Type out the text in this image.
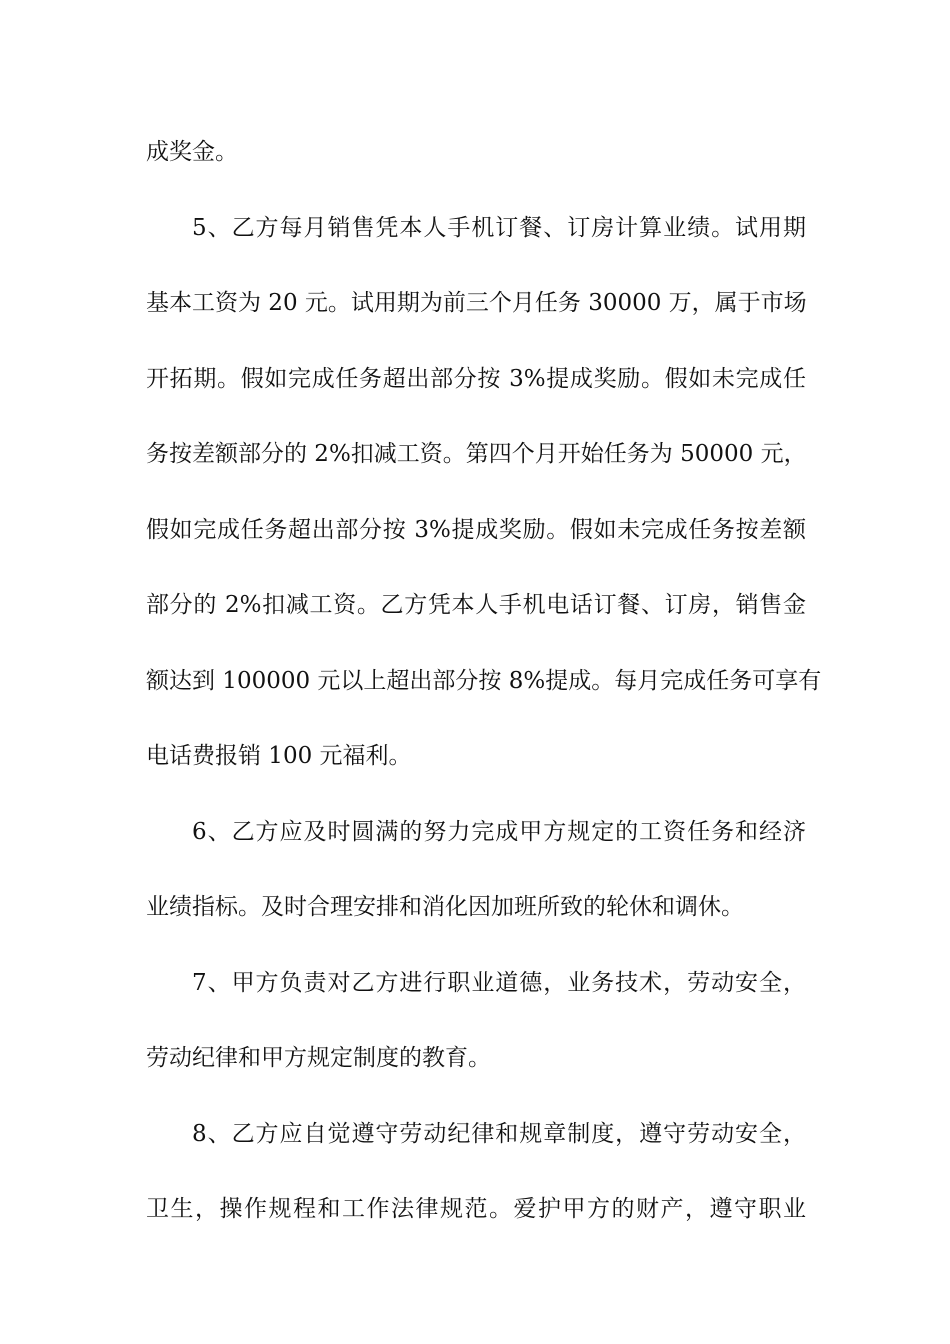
成奖金。
5、乙方每月销售凭本人手机订餐、订房计算业绩。试用期
基本工资为 20 元。试用期为前三个月任务 30000 万，属于市场
开拓期。假如完成任务超出部分按 3%提成奖励。假如未完成任
务按差额部分的 2%扣减工资。第四个月开始任务为 50000 元，
假如完成任务超出部分按 3%提成奖励。假如未完成任务按差额
部分的 2%扣减工资。乙方凭本人手机电话订餐、订房，销售金
额达到 100000 元以上超出部分按 8%提成。每月完成任务可享有
电话费报销 100 元福利。
6、乙方应及时圆满的努力完成甲方规定的工资任务和经济
业绩指标。及时合理安排和消化因加班所致的轮休和调休。
7、甲方负责对乙方进行职业道德，业务技术，劳动安全，
劳动纪律和甲方规定制度的教育。
8、乙方应自觉遵守劳动纪律和规章制度，遵守劳动安全，
卫生，操作规程和工作法律规范。爱护甲方的财产，遵守职业
